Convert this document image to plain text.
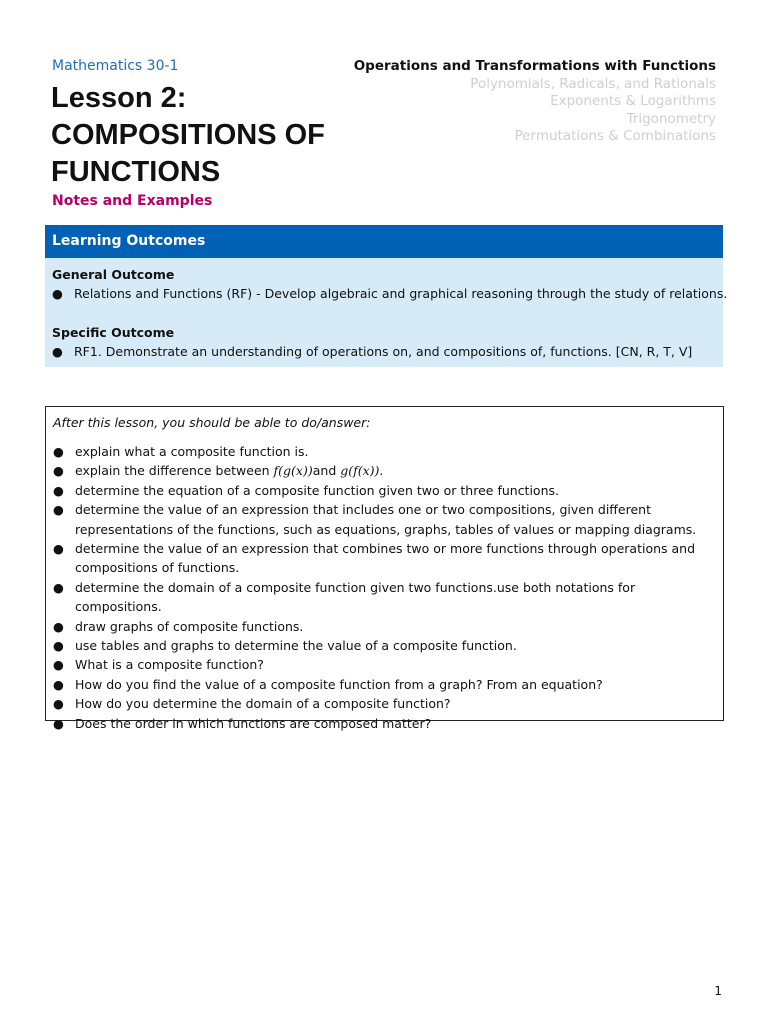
Mathematics 30-1
Lesson 2:
COMPOSITIONS OF
FUNCTIONS
Notes and Examples
Operations and Transformations with Functions
Polynomials, Radicals, and Rationals
Exponents & Logarithms
Trigonometry
Permutations & Combinations
Learning Outcomes
General Outcome
● Relations and Functions (RF) - Develop algebraic and graphical reasoning through the study of relations.
Specific Outcome
● RF1. Demonstrate an understanding of operations on, and compositions of, functions. [CN, R, T, V]
After this lesson, you should be able to do/answer:
● explain what a composite function is.
● explain the difference between f(g(x))and g(f(x)).
● determine the equation of a composite function given two or three functions.
● determine the value of an expression that includes one or two compositions, given different representations of the functions, such as equations, graphs, tables of values or mapping diagrams.
● determine the value of an expression that combines two or more functions through operations and compositions of functions.
● determine the domain of a composite function given two functions.use both notations for compositions.
● draw graphs of composite functions.
● use tables and graphs to determine the value of a composite function.
● What is a composite function?
● How do you find the value of a composite function from a graph? From an equation?
● How do you determine the domain of a composite function?
● Does the order in which functions are composed matter?
1
